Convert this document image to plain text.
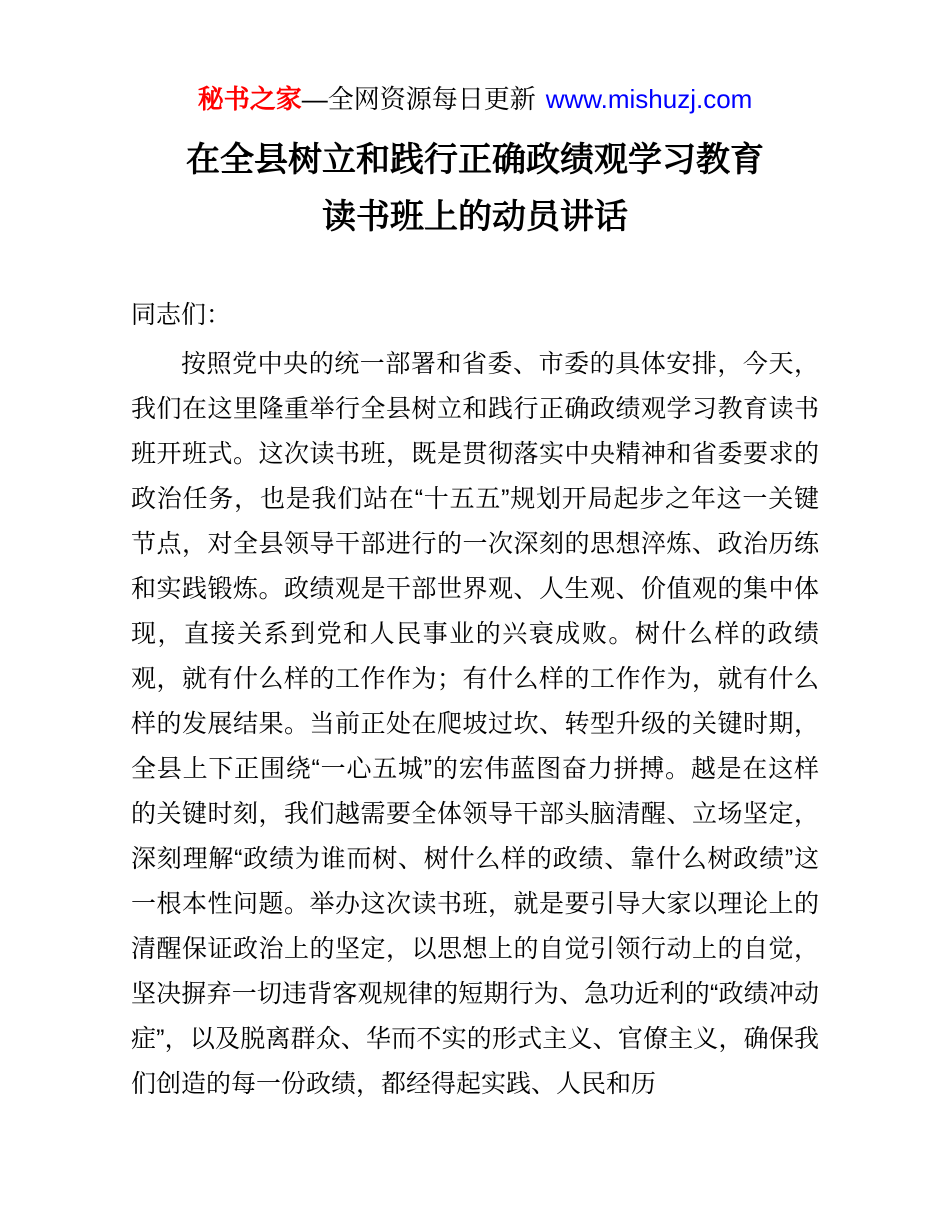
秘书之家—全网资源每日更新 www.mishuzj.com
在全县树立和践行正确政绩观学习教育
读书班上的动员讲话

同志们：

按照党中央的统一部署和省委、市委的具体安排，今天，我们在这里隆重举行全县树立和践行正确政绩观学习教育读书班开班式。这次读书班，既是贯彻落实中央精神和省委要求的政治任务，也是我们站在“十五五”规划开局起步之年这一关键节点，对全县领导干部进行的一次深刻的思想淬炼、政治历练和实践锻炼。政绩观是干部世界观、人生观、价值观的集中体现，直接关系到党和人民事业的兴衰成败。树什么样的政绩观，就有什么样的工作作为；有什么样的工作作为，就有什么样的发展结果。当前正处在爬坡过坎、转型升级的关键时期，全县上下正围绕“一心五城”的宏伟蓝图奋力拼搏。越是在这样的关键时刻，我们越需要全体领导干部头脑清醒、立场坚定，深刻理解“政绩为谁而树、树什么样的政绩、靠什么树政绩”这一根本性问题。举办这次读书班，就是要引导大家以理论上的清醒保证政治上的坚定，以思想上的自觉引领行动上的自觉，坚决摒弃一切违背客观规律的短期行为、急功近利的“政绩冲动症”，以及脱离群众、华而不实的形式主义、官僚主义，确保我们创造的每一份政绩，都经得起实践、人民和历
